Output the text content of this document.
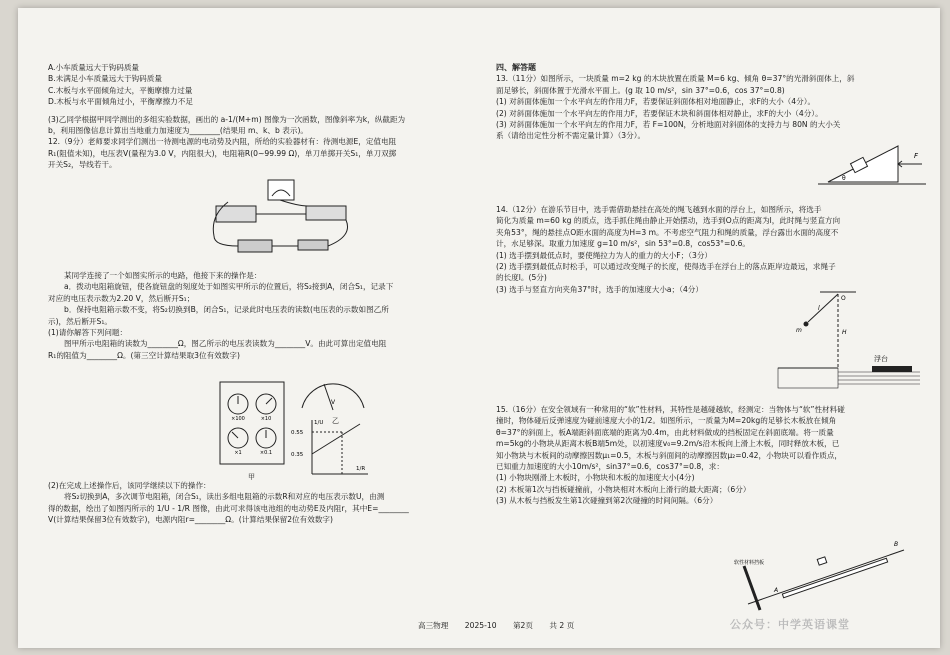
A.小车质量远大于钩码质量
B.未满足小车质量远大于钩码质量
C.木板与水平面倾角过大，平衡摩擦力过量
D.木板与水平面倾角过小，平衡摩擦力不足
(3)乙同学根据甲同学测出的多组实验数据，画出的 a-1/(M+m) 图像为一次函数，图像斜率为k，纵截距为
b，利用图像信息计算出当地重力加速度为________(结果用 m、k、b 表示)。
12.（9分）老师要求同学们测出一待测电源的电动势及内阻，所给的实验器材有：待测电源E，定值电阻
R₁(阻值未知)，电压表V(量程为3.0 V，内阻很大)，电阻箱R(0~99.99 Ω)，单刀单掷开关S₁，单刀双掷
开关S₂，导线若干。
某同学连接了一个如图实所示的电路，他接下来的操作是：
a．拨动电阻箱旋钮，使各旋钮盘的刻度处于如图实甲所示的位置后，将S₂接到A，闭合S₁，记录下
对应的电压表示数为2.20 V，然后断开S₁；
b．保持电阻箱示数不变，将S₂切换到B，闭合S₁，记录此时电压表的读数(电压表的示数如图乙所
示)，然后断开S₁。
(1)请你解答下列问题：
图甲所示电阻箱的读数为________Ω，图乙所示的电压表读数为________V。由此可算出定值电阻
R₁的阻值为________Ω。(第三空计算结果取3位有效数字)
×100	×10
×1	×0.1
甲
V
乙
0.55
0.35
1/U
1/R
(2)在完成上述操作后，该同学继续以下的操作：
将S₂切换到A，多次调节电阻箱，闭合S₁，读出多组电阻箱的示数R和对应的电压表示数U，由测
得的数据，绘出了如图丙所示的 1/U - 1/R 图像，由此可求得该电池组的电动势E及内阻r，其中E=________
V(计算结果保留3位有效数字)，电源内阻r=________Ω。(计算结果保留2位有效数字)
四、解答题
13.（11分）如图所示，一块质量 m=2 kg 的木块放置在质量 M=6 kg、倾角 θ=37°的光滑斜面体上，斜
面足够长，斜面体置于光滑水平面上。(g 取 10 m/s²，sin 37°=0.6，cos 37°=0.8)
(1) 对斜面体施加一个水平向左的作用力F，若要保证斜面体相对地面静止，求F的大小（4分）。
(2) 对斜面体施加一个水平向左的作用力F，若要保证木块和斜面体相对静止，求F的大小（4分）。
(3) 对斜面体施加一个水平向左的作用力F，若 F=100N，分析地面对斜面体的支持力与 80N 的大小关
系（请给出定性分析不需定量计算）（3分）。
F
θ
14.（12分）在游乐节目中，选手需借助悬挂在高处的绳飞越到水面的浮台上，如图所示，将选手
简化为质量 m=60 kg 的质点，选手抓住绳由静止开始摆动，选手到O点的距离为l，此时绳与竖直方向
夹角53°，绳的悬挂点O距水面的高度为H=3 m。不考虑空气阻力和绳的质量，浮台露出水面的高度不
计，水足够深。取重力加速度 g=10 m/s²，sin 53°=0.8，cos53°=0.6。
(1) 选手摆到最低点时，要使绳拉力为人的重力的大小F；（3分）
(2) 选手摆到最低点时松手，可以通过改变绳子的长度，使得选手在浮台上的落点距岸边最远，求绳子
的长度l。(5分)
(3) 选手与竖直方向夹角37°时，选手的加速度大小a；（4分）
O
l
m	H
浮台
15.（16分）在安全领域有一种常用的“软”性材料，其特性是越碰越软，经测定：当物体与“软”性材料碰
撞时，物体碰后反弹速度为碰前速度大小的1/2。如图所示，一质量为M=20kg的足够长木板放在倾角
θ=37°的斜面上，板A端距斜面底端的距离为0.4m，由此材料做成的挡板固定在斜面底端。将一质量
m=5kg的小物块从距离木板B端5m处，以初速度v₀=9.2m/s沿木板向上滑上木板，同时释放木板，已
知小物块与木板间的动摩擦因数μ₁=0.5，木板与斜面间的动摩擦因数μ₂=0.42，小物块可以看作质点，
已知重力加速度的大小10m/s²，sin37°=0.6，cos37°=0.8，求：
(1) 小物块刚滑上木板时，小物块和木板的加速度大小(4分)
(2) 木板第1次与挡板碰撞前，小物块相对木板向上滑行的最大距离；（6分）
(3) 从木板与挡板发生第1次碰撞到第2次碰撞的时间间隔。（6分）
软性材料挡板
B
A
高三物理 2025-10 第2页 共 2 页	公众号：中学英语课堂
